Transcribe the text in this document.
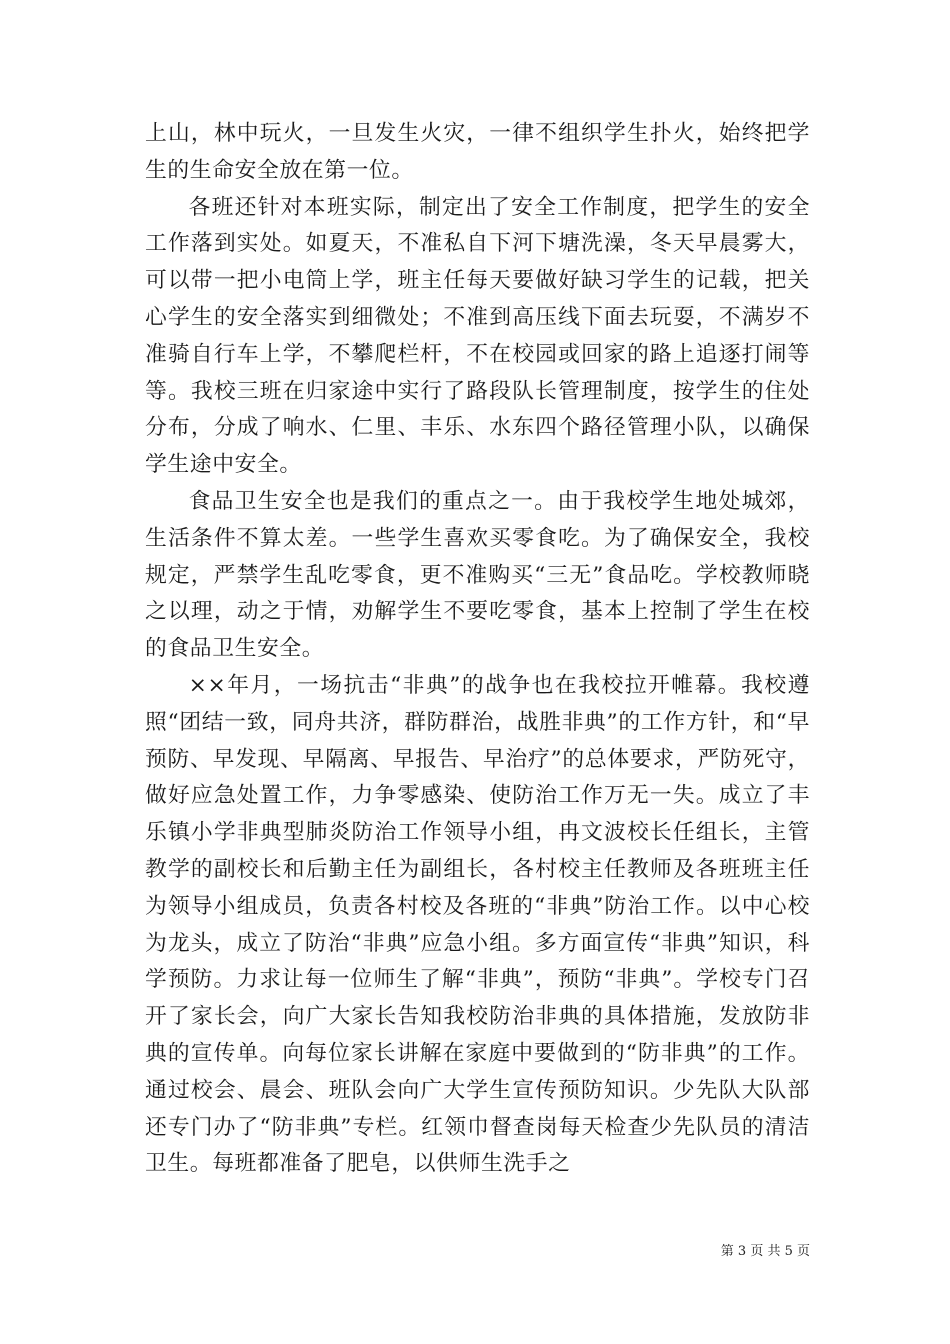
上山，林中玩火，一旦发生火灾，一律不组织学生扑火，始终把学生的生命安全放在第一位。

各班还针对本班实际，制定出了安全工作制度，把学生的安全工作落到实处。如夏天，不准私自下河下塘洗澡，冬天早晨雾大，可以带一把小电筒上学，班主任每天要做好缺习学生的记载，把关心学生的安全落实到细微处；不准到高压线下面去玩耍，不满岁不准骑自行车上学，不攀爬栏杆，不在校园或回家的路上追逐打闹等等。我校三班在归家途中实行了路段队长管理制度，按学生的住处分布，分成了响水、仁里、丰乐、水东四个路径管理小队，以确保学生途中安全。

食品卫生安全也是我们的重点之一。由于我校学生地处城郊，生活条件不算太差。一些学生喜欢买零食吃。为了确保安全，我校规定，严禁学生乱吃零食，更不准购买“三无”食品吃。学校教师晓之以理，动之于情，劝解学生不要吃零食，基本上控制了学生在校的食品卫生安全。

××年月，一场抗击“非典”的战争也在我校拉开帷幕。我校遵照“团结一致，同舟共济，群防群治，战胜非典”的工作方针，和“早预防、早发现、早隔离、早报告、早治疗”的总体要求，严防死守，做好应急处置工作，力争零感染、使防治工作万无一失。成立了丰乐镇小学非典型肺炎防治工作领导小组，冉文波校长任组长，主管教学的副校长和后勤主任为副组长，各村校主任教师及各班班主任为领导小组成员，负责各村校及各班的“非典”防治工作。以中心校为龙头，成立了防治“非典”应急小组。多方面宣传“非典”知识，科学预防。力求让每一位师生了解“非典”，预防“非典”。学校专门召开了家长会，向广大家长告知我校防治非典的具体措施，发放防非典的宣传单。向每位家长讲解在家庭中要做到的“防非典”的工作。通过校会、晨会、班队会向广大学生宣传预防知识。少先队大队部还专门办了“防非典”专栏。红领巾督查岗每天检查少先队员的清洁卫生。每班都准备了肥皂，以供师生洗手之

第 3 页 共 5 页
